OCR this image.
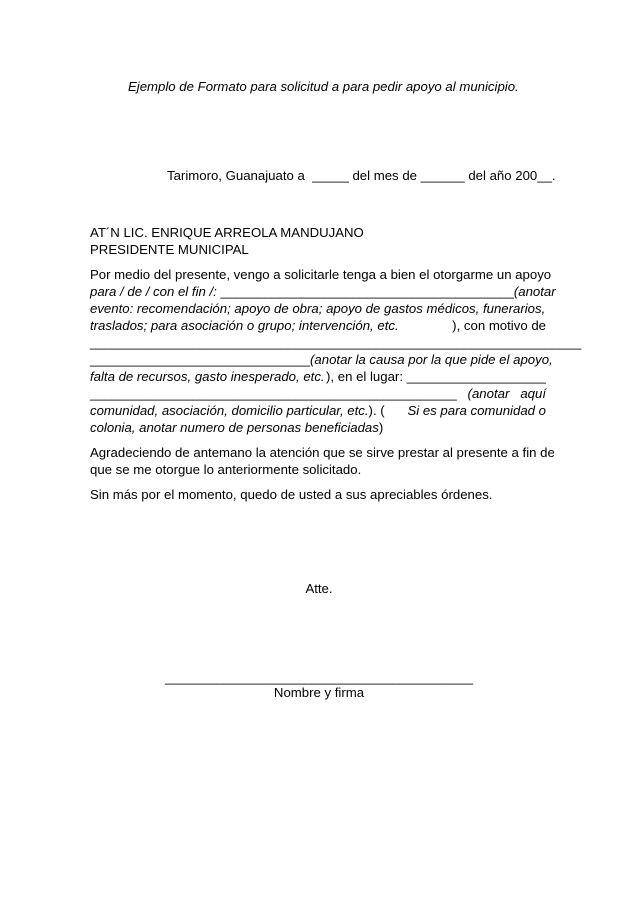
Ejemplo de Formato para solicitud a para pedir apoyo al municipio.
Tarimoro, Guanajuato a  _____ del mes de ______ del año 200__.
AT´N LIC. ENRIQUE ARREOLA MANDUJANO
PRESIDENTE MUNICIPAL
Por medio del presente, vengo a solicitarle tenga a bien el otorgarme un apoyo
para / de / con el fin /: ________________________________________ (anotar
evento: recomendación; apoyo de obra; apoyo de gastos médicos, funerarios,
traslados; para asociación o grupo; intervención, etc.	), con motivo de
___________________________________________________________________
______________________________ (anotar la causa por la que pide el apoyo,
falta de recursos, gasto inesperado, etc. ), en el lugar: ___________________
__________________________________________________ (anotar   aquí
comunidad, asociación, domicilio particular, etc.). ( Si es para comunidad o
colonia, anotar numero de personas beneficiadas)
Agradeciendo de antemano la atención que se sirve prestar al presente a fin de
que se me otorgue lo anteriormente solicitado.
Sin más por el momento, quedo de usted a sus apreciables órdenes.
Atte.
__________________________________________
Nombre y firma
